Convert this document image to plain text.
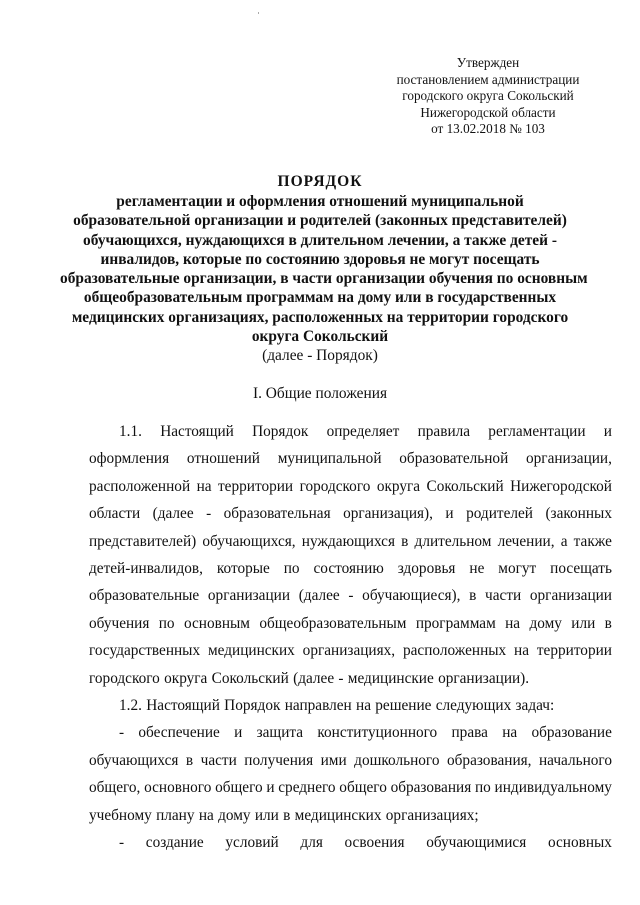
Утвержден
постановлением администрации
городского округа Сокольский
Нижегородской области
от 13.02.2018 № 103
ПОРЯДОК
регламентации и оформления отношений муниципальной
образовательной организации и родителей (законных представителей)
обучающихся, нуждающихся в длительном лечении, а также детей -
инвалидов, которые по состоянию здоровья не могут посещать
образовательные организации, в части организации обучения по основным
общеобразовательным программам на дому или в государственных
медицинских организациях, расположенных на территории городского
округа Сокольский
(далее - Порядок)
I. Общие положения
1.1. Настоящий Порядок определяет правила регламентации и
оформления отношений муниципальной образовательной организации,
расположенной на территории городского округа Сокольский Нижегородской
области (далее - образовательная организация), и родителей (законных
представителей) обучающихся, нуждающихся в длительном лечении, а также
детей-инвалидов, которые по состоянию здоровья не могут посещать
образовательные организации (далее - обучающиеся), в части организации
обучения по основным общеобразовательным программам на дому или в
государственных медицинских организациях, расположенных на территории
городского округа Сокольский (далее - медицинские организации).
1.2. Настоящий Порядок направлен на решение следующих задач:
- обеспечение и защита конституционного права на образование
обучающихся в части получения ими дошкольного образования, начального
общего, основного общего и среднего общего образования по индивидуальному
учебному плану на дому или в медицинских организациях;
- создание условий для освоения обучающимися основных
